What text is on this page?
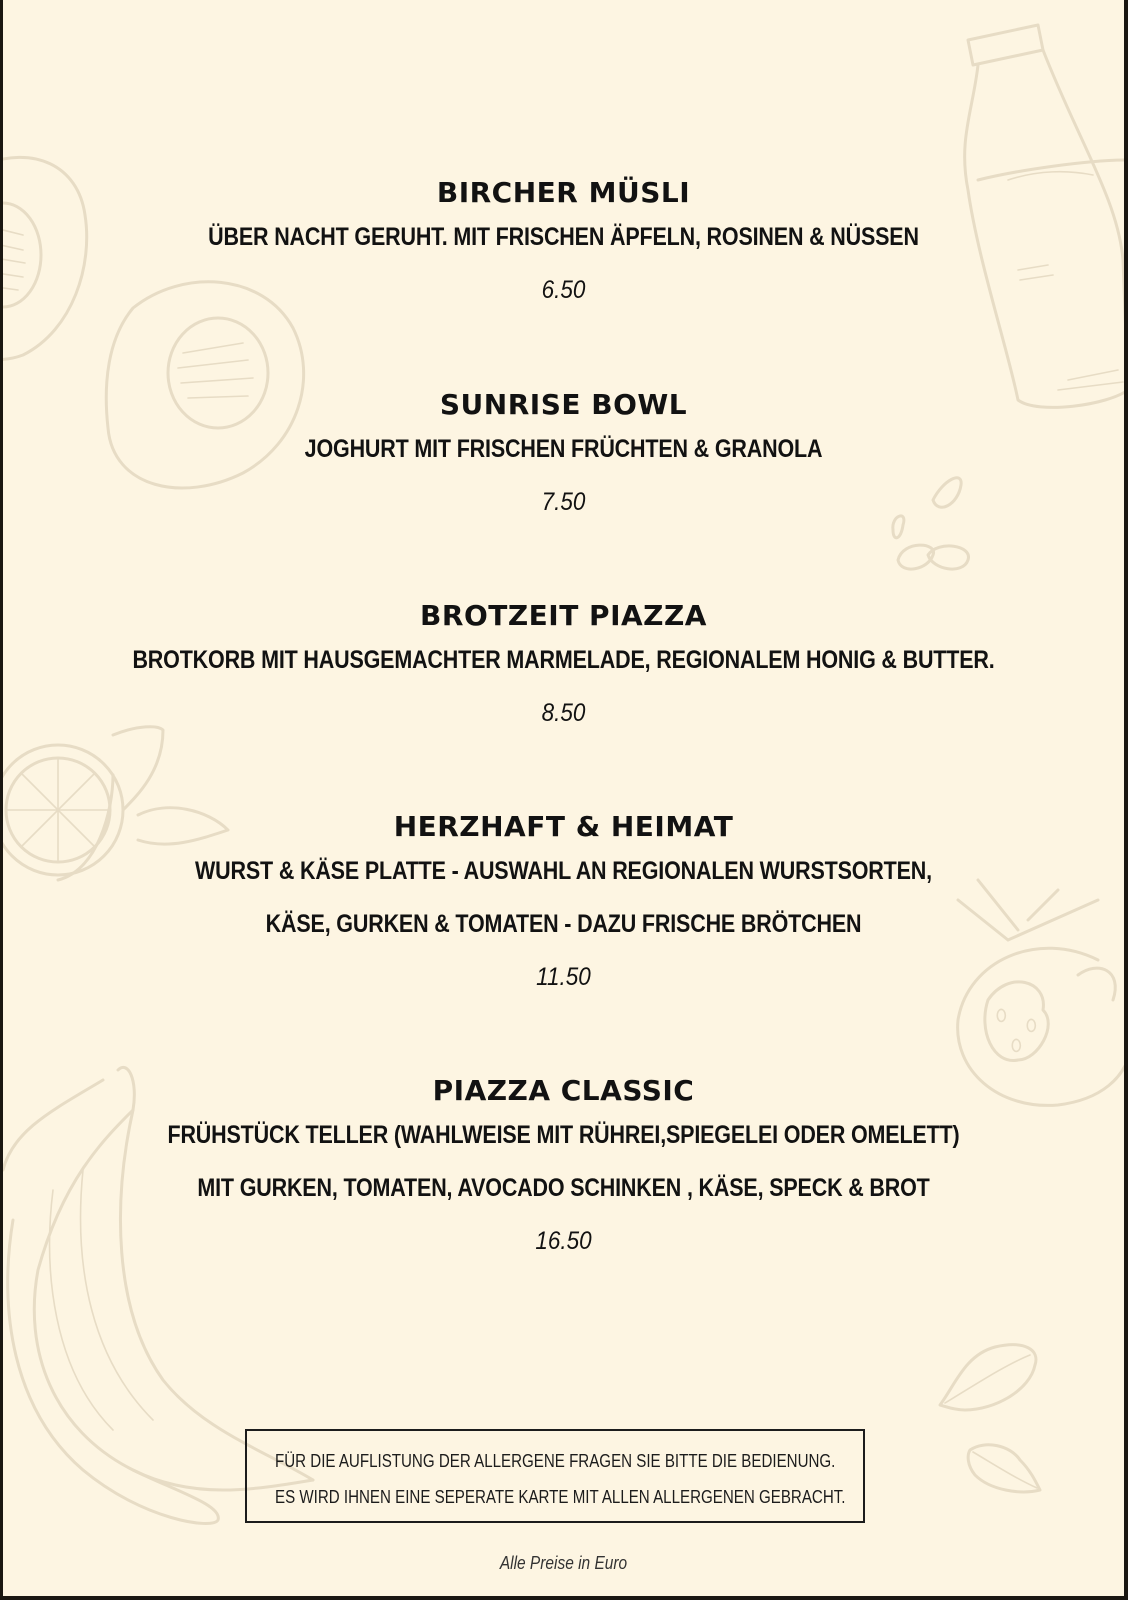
BIRCHER MÜSLI
ÜBER NACHT GERUHT. MIT FRISCHEN ÄPFELN, ROSINEN & NÜSSEN
6.50
SUNRISE BOWL
JOGHURT MIT FRISCHEN FRÜCHTEN & GRANOLA
7.50
BROTZEIT PIAZZA
BROTKORB MIT HAUSGEMACHTER MARMELADE, REGIONALEM HONIG & BUTTER.
8.50
HERZHAFT & HEIMAT
WURST & KÄSE PLATTE - AUSWAHL AN REGIONALEN WURSTSORTEN,
KÄSE, GURKEN & TOMATEN - DAZU FRISCHE BRÖTCHEN
11.50
PIAZZA CLASSIC
FRÜHSTÜCK TELLER (WAHLWEISE MIT RÜHREI,SPIEGELEI ODER OMELETT)
MIT GURKEN, TOMATEN, AVOCADO SCHINKEN , KÄSE, SPECK & BROT
16.50
FÜR DIE AUFLISTUNG DER ALLERGENE FRAGEN SIE BITTE DIE BEDIENUNG.
ES WIRD IHNEN EINE SEPERATE KARTE MIT ALLEN ALLERGENEN GEBRACHT.
Alle Preise in Euro
